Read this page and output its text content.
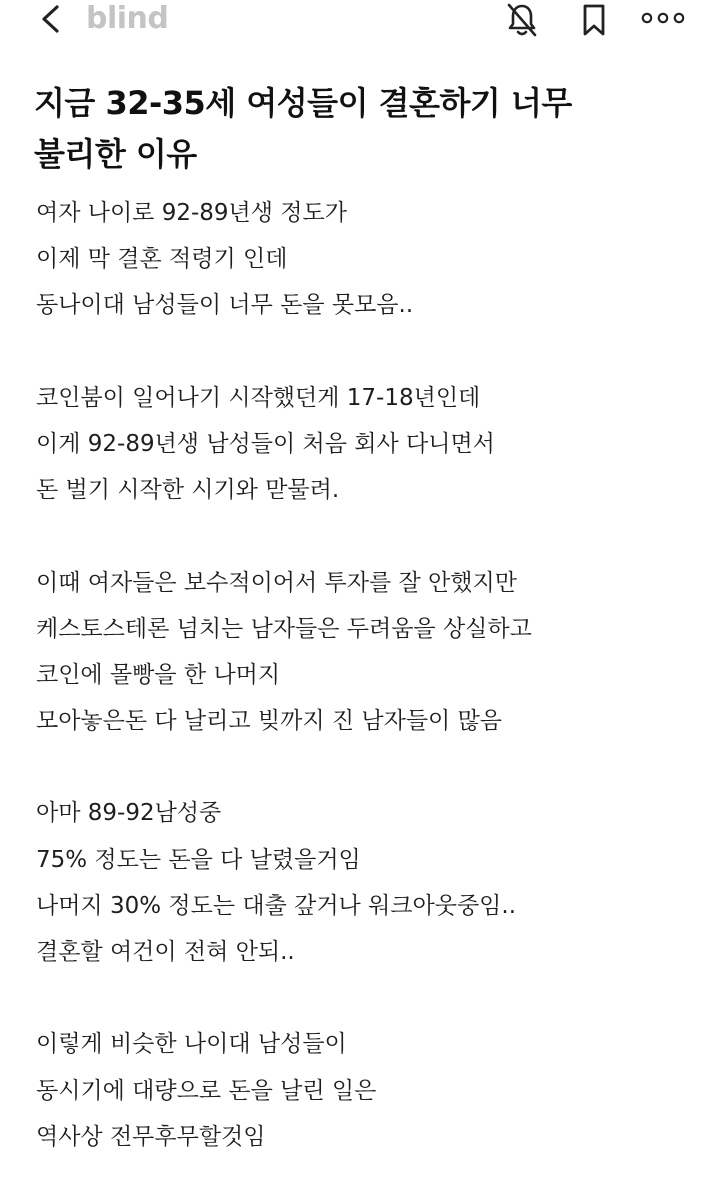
blind
지금 32-35세 여성들이 결혼하기 너무
불리한 이유
여자 나이로 92-89년생 정도가
이제 막 결혼 적령기 인데
동나이대 남성들이 너무 돈을 못모음..
코인붐이 일어나기 시작했던게 17-18년인데
이게 92-89년생 남성들이 처음 회사 다니면서
돈 벌기 시작한 시기와 맏물려.
이때 여자들은 보수적이어서 투자를 잘 안했지만
케스토스테론 넘치는 남자들은 두려움을 상실하고
코인에 몰빵을 한 나머지
모아놓은돈 다 날리고 빚까지 진 남자들이 많음
아마 89-92남성중
75% 정도는 돈을 다 날렸을거임
나머지 30% 정도는 대출 갚거나 워크아웃중임..
결혼할 여건이 전혀 안되..
이렇게 비슷한 나이대 남성들이
동시기에 대량으로 돈을 날린 일은
역사상 전무후무할것임
